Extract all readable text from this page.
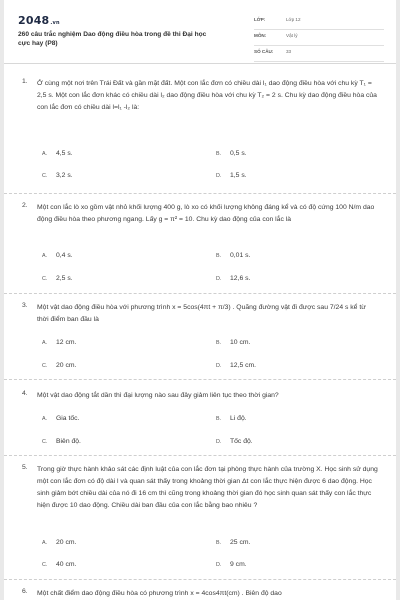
2048.vn
260 câu trắc nghiệm Dao động điều hòa trong đề thi Đại học cực hay (P8)
LỚP:	Lớp 12
MÔN:	Vật lý
SỐ CÂU:	33
1. Ở cùng một nơi trên Trái Đất và gần mặt đất. Một con lắc đơn có chiều dài l₁ dao động điều hòa với chu kỳ T₁ = 2,5 s. Một con lắc đơn khác có chiều dài l₂ dao động điều hòa với chu kỳ T₂ = 2 s. Chu kỳ dao động điều hòa của con lắc đơn có chiều dài l=l₁ -l₂ là:
A. 4,5 s.	B. 0,5 s.
C. 3,2 s.	D. 1,5 s.
2. Một con lắc lò xo gồm vật nhỏ khối lượng 400 g, lò xo có khối lượng không đáng kể và có độ cứng 100 N/m dao động điều hòa theo phương ngang. Lấy g = π² = 10. Chu kỳ dao động của con lắc là
A. 0,4 s.	B. 0,01 s.
C. 2,5 s.	D. 12,6 s.
3. Một vật dao động điều hòa với phương trình x = 5cos(4πt + π/3) . Quãng đường vật đi được sau 7/24 s kể từ thời điểm ban đầu là
A. 12 cm.	B. 10 cm.
C. 20 cm.	D. 12,5 cm.
4. Một vật dao động tắt dần thì đại lượng nào sau đây giảm liên tục theo thời gian?
A. Gia tốc.	B. Li độ.
C. Biên độ.	D. Tốc độ.
5. Trong giờ thực hành khảo sát các định luật của con lắc đơn tại phòng thực hành của trường X. Học sinh sử dụng một con lắc đơn có độ dài l và quan sát thấy trong khoảng thời gian Δt con lắc thực hiện được 6 dao động. Học sinh giảm bớt chiều dài của nó đi 16 cm thì cũng trong khoảng thời gian đó học sinh quan sát thấy con lắc thực hiện được 10 dao động. Chiều dài ban đầu của con lắc bằng bao nhiêu ?
A. 20 cm.	B. 25 cm.
C. 40 cm.	D. 9 cm.
6. Một chất điểm dao động điều hòa có phương trình x = 4cos4πt(cm) . Biên độ dao
